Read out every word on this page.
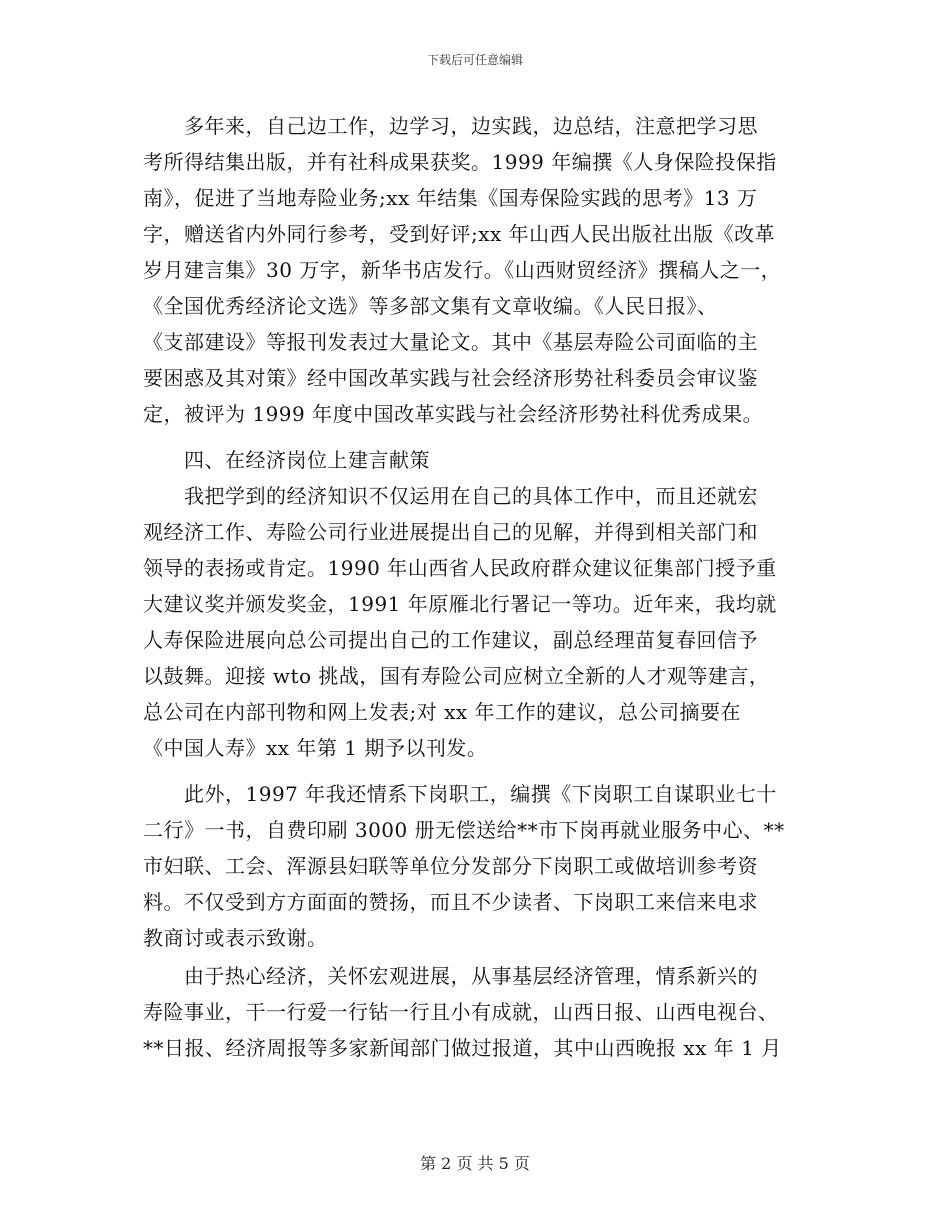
下载后可任意编辑
　　多年来，自己边工作，边学习，边实践，边总结，注意把学习思
考所得结集出版，并有社科成果获奖。1999 年编撰《人身保险投保指
南》，促进了当地寿险业务;xx 年结集《国寿保险实践的思考》13 万
字，赠送省内外同行参考，受到好评;xx 年山西人民出版社出版《改革
岁月建言集》30 万字，新华书店发行。《山西财贸经济》撰稿人之一，
《全国优秀经济论文选》等多部文集有文章收编。《人民日报》、
《支部建设》等报刊发表过大量论文。其中《基层寿险公司面临的主
要困惑及其对策》经中国改革实践与社会经济形势社科委员会审议鉴
定，被评为 1999 年度中国改革实践与社会经济形势社科优秀成果。
　　四、在经济岗位上建言献策
　　我把学到的经济知识不仅运用在自己的具体工作中，而且还就宏
观经济工作、寿险公司行业进展提出自己的见解，并得到相关部门和
领导的表扬或肯定。1990 年山西省人民政府群众建议征集部门授予重
大建议奖并颁发奖金，1991 年原雁北行署记一等功。近年来，我均就
人寿保险进展向总公司提出自己的工作建议，副总经理苗复春回信予
以鼓舞。迎接 wto 挑战，国有寿险公司应树立全新的人才观等建言，
总公司在内部刊物和网上发表;对 xx 年工作的建议，总公司摘要在
《中国人寿》xx 年第 1 期予以刊发。
　　此外，1997 年我还情系下岗职工，编撰《下岗职工自谋职业七十
二行》一书，自费印刷 3000 册无偿送给**市下岗再就业服务中心、**
市妇联、工会、浑源县妇联等单位分发部分下岗职工或做培训参考资
料。不仅受到方方面面的赞扬，而且不少读者、下岗职工来信来电求
教商讨或表示致谢。
　　由于热心经济，关怀宏观进展，从事基层经济管理，情系新兴的
寿险事业，干一行爱一行钻一行且小有成就，山西日报、山西电视台、
**日报、经济周报等多家新闻部门做过报道，其中山西晚报 xx 年 1 月
第 2 页 共 5 页
